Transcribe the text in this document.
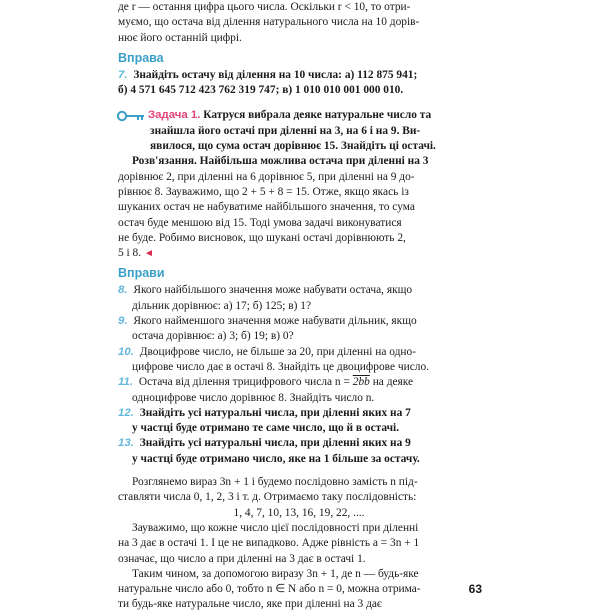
де r — остання цифра цього числа. Оскільки r < 10, то отри-
муємо, що остача від ділення натурального числа на 10 дорів-
нює його останній цифрі.

Вправа

7. Знайдіть остачу від ділення на 10 числа: а) 112 875 941;
б) 4 571 645 712 423 762 319 747; в) 1 010 010 001 000 010.

Задача 1. Катруся вибрала деяке натуральне число та

знайшла його остачі при діленні на 3, на 6 і на 9. Ви-
явилося, що сума остач дорівнює 15. Знайдіть ці остачі.

Розв'язання. Найбільша можлива остача при діленні на 3
дорівнює 2, при діленні на 6 дорівнює 5, при діленні на 9 до-
рівнює 8. Зауважимо, що 2 + 5 + 8 = 15. Отже, якщо якась із
шуканих остач не набуватиме найбільшого значення, то сума
остач буде меншою від 15. Тоді умова задачі виконуватися
не буде. Робимо висновок, що шукані остачі дорівнюють 2,
5 і 8. ◄

Вправи

8. Якого найбільшого значення може набувати остача, якщо
дільник дорівнює: а) 17; б) 125; в) 1?

9. Якого найменшого значення може набувати дільник, якщо
остача дорівнює: а) 3; б) 19; в) 0?

10. Двоцифрове число, не більше за 20, при діленні на одно-
цифрове число дає в остачі 8. Знайдіть це двоцифрове число.

11. Остача від ділення трицифрового числа n = 2bb на деяке
одноцифрове число дорівнює 8. Знайдіть число n.

12. Знайдіть усі натуральні числа, при діленні яких на 7
у частці буде отримано те саме число, що й в остачі.

13. Знайдіть усі натуральні числа, при діленні яких на 9
у частці буде отримано число, яке на 1 більше за остачу.

Розглянемо вираз 3n + 1 і будемо послідовно замість n під-
ставляти числа 0, 1, 2, 3 і т. д. Отримаємо таку послідовність:

1, 4, 7, 10, 13, 16, 19, 22, ....

Зауважимо, що кожне число цієї послідовності при діленні
на 3 дає в остачі 1. І це не випадково. Адже рівність a = 3n + 1
означає, що число a при діленні на 3 дає в остачі 1.

Таким чином, за допомогою виразу 3n + 1, де n — будь-яке
натуральне число або 0, тобто n ∈ N або n = 0, можна отрима-
ти будь-яке натуральне число, яке при діленні на 3 дає

63
